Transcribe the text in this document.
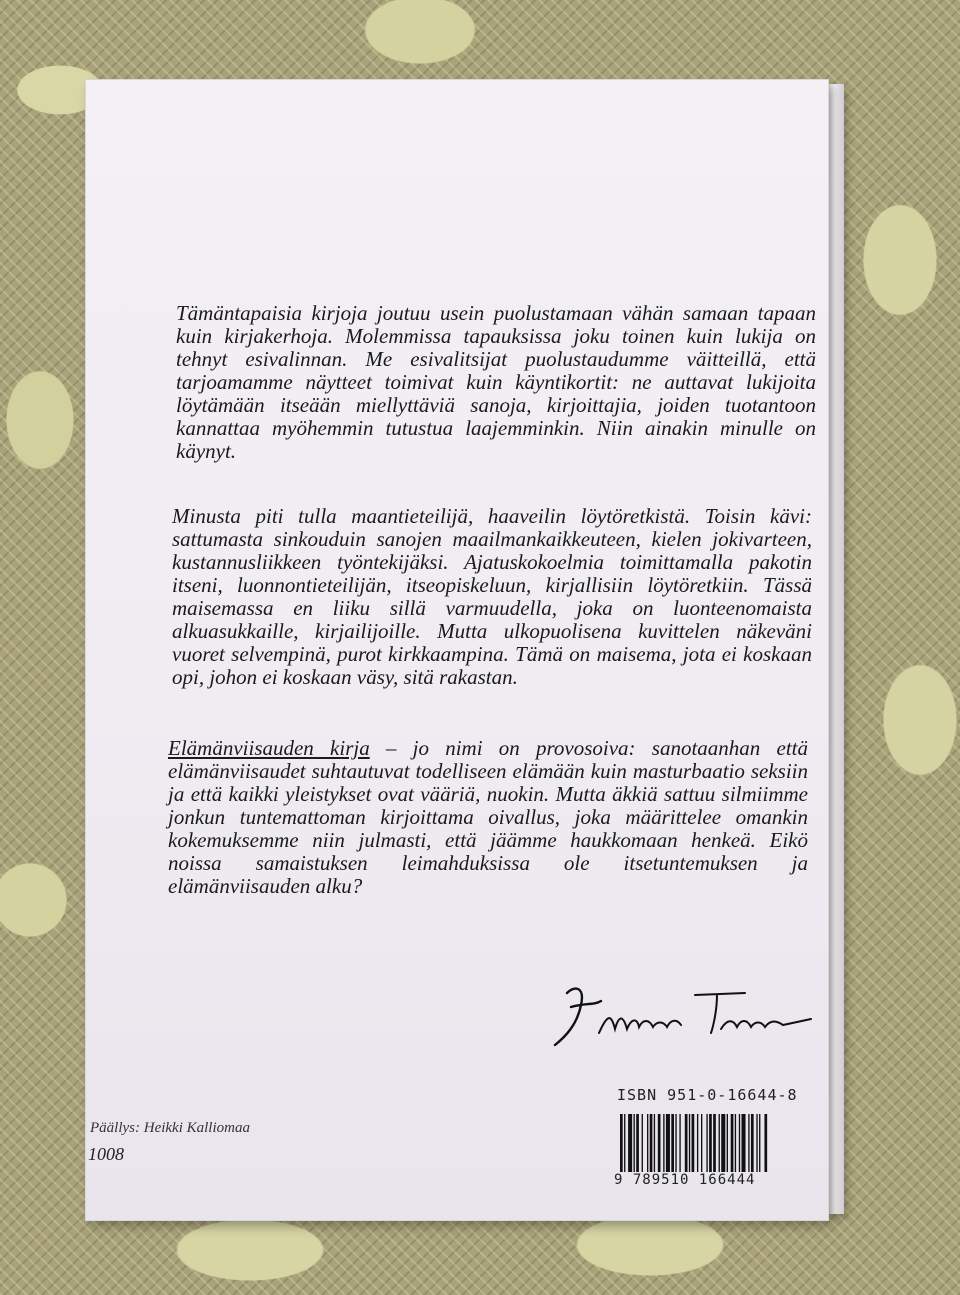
Tämäntapaisia kirjoja joutuu usein puolustamaan vähän samaan tapaan kuin kirjakerhoja. Molemmissa tapauksissa joku toinen kuin lukija on tehnyt esivalinnan. Me esivalitsijat puolustaudumme väitteillä, että tarjoamamme näytteet toimivat kuin käyntikortit: ne auttavat lukijoita löytämään itseään miellyttäviä sanoja, kirjoittajia, joiden tuotantoon kannattaa myöhemmin tutustua laajemminkin. Niin ainakin minulle on käynyt.

Minusta piti tulla maantieteilijä, haaveilin löytöretkistä. Toisin kävi: sattumasta sinkouduin sanojen maailmankaikkeuteen, kielen jokivarteen, kustannusliikkeen työntekijäksi. Ajatuskokoelmia toimittamalla pakotin itseni, luonnontieteilijän, itseopiskeluun, kirjallisiin löytöretkiin. Tässä maisemassa en liiku sillä varmuudella, joka on luonteenomaista alkuasukkaille, kirjailijoille. Mutta ulkopuolisena kuvittelen näkeväni vuoret selvempinä, purot kirkkaampina. Tämä on maisema, jota ei koskaan opi, johon ei koskaan väsy, sitä rakastan.

Elämänviisauden kirja – jo nimi on provosoiva: sanotaanhan että elämänviisaudet suhtautuvat todelliseen elämään kuin masturbaatio seksiin ja että kaikki yleistykset ovat vääriä, nuokin. Mutta äkkiä sattuu silmiimme jonkun tuntemattoman kirjoittama oivallus, joka määrittelee omankin kokemuksemme niin julmasti, että jäämme haukkomaan henkeä. Eikö noissa samaistuksen leimahduksissa ole itsetuntemuksen ja elämänviisauden alku?

ISBN 951-0-16644-8
9 789510 166444
Päällys: Heikki Kalliomaa
1008
